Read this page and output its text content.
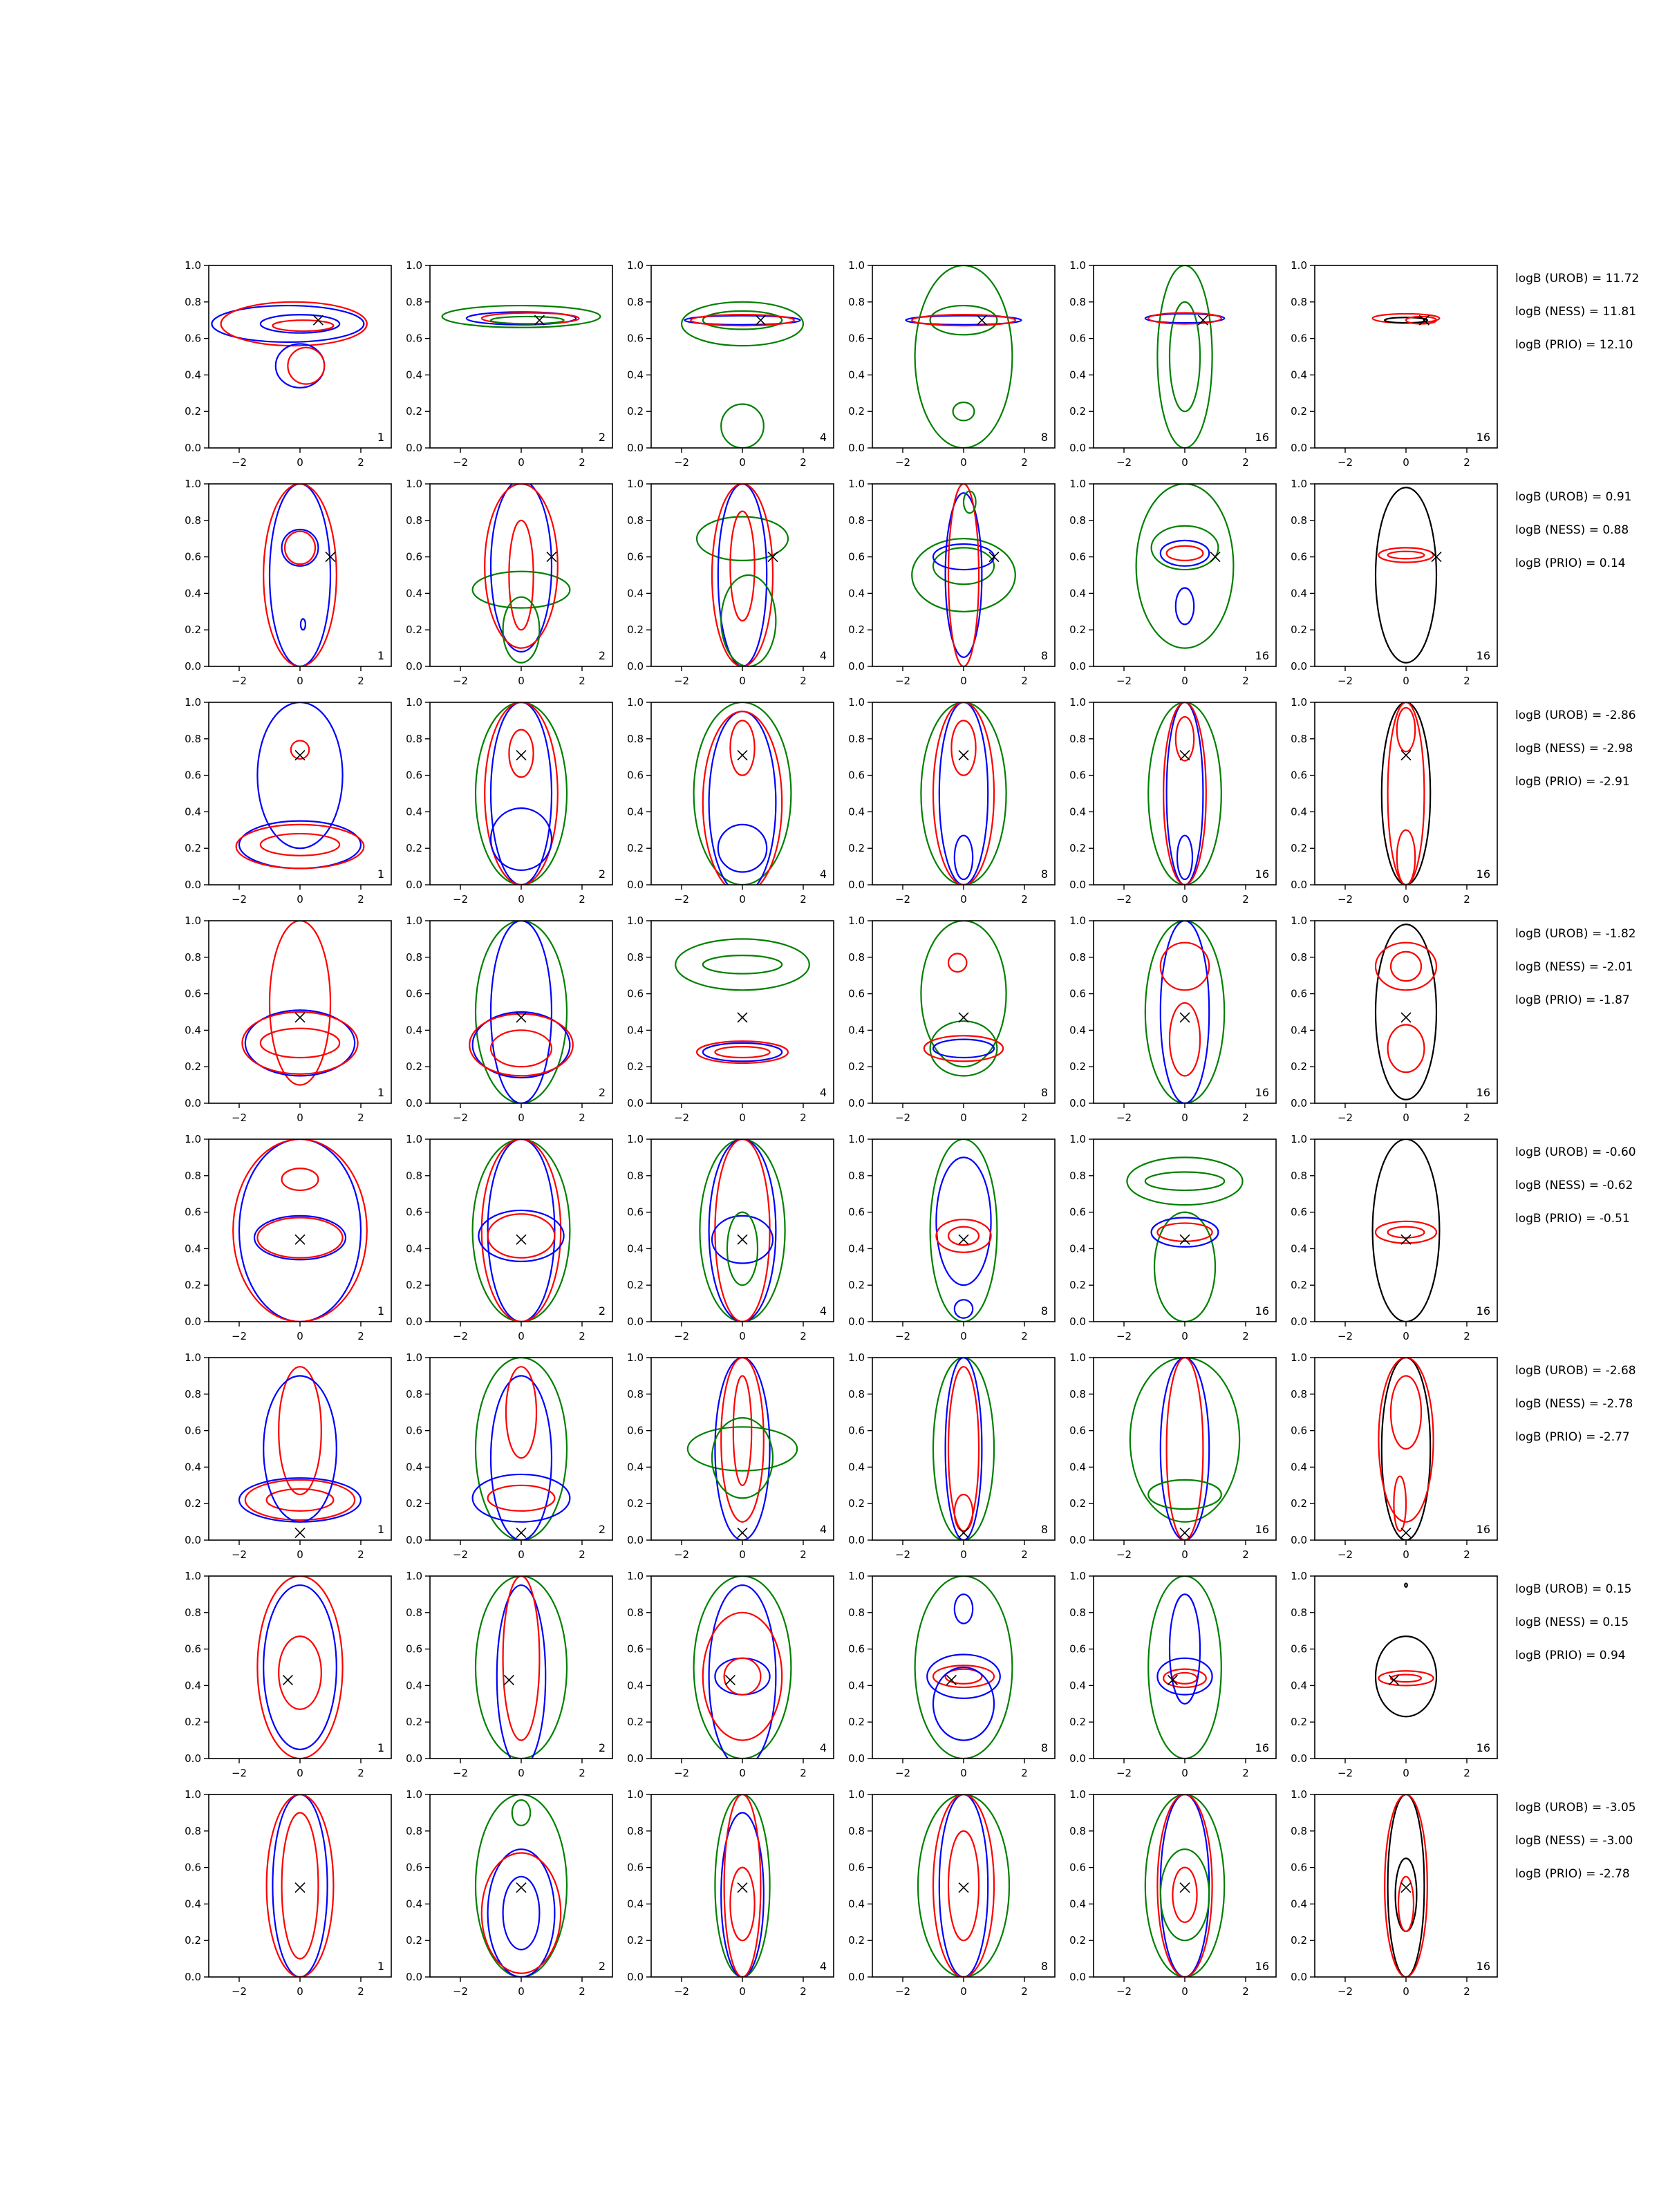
−2	0	2
0.0
0.2
0.4
0.6
0.8
1.0
1
−2	0	2
0.0
0.2
0.4
0.6
0.8
1.0
2
−2	0	2
0.0
0.2
0.4
0.6
0.8
1.0
4
−2	0	2
0.0
0.2
0.4
0.6
0.8
1.0
8
−2	0	2
0.0
0.2
0.4
0.6
0.8
1.0
16
−2	0	2
0.0
0.2
0.4
0.6
0.8
1.0
16
logB (UROB) = 11.72
logB (NESS) = 11.81
logB (PRIO) = 12.10
−2	0	2
0.0
0.2
0.4
0.6
0.8
1.0
1
−2	0	2
0.0
0.2
0.4
0.6
0.8
1.0
2
−2	0	2
0.0
0.2
0.4
0.6
0.8
1.0
4
−2	0	2
0.0
0.2
0.4
0.6
0.8
1.0
8
−2	0	2
0.0
0.2
0.4
0.6
0.8
1.0
16
−2	0	2
0.0
0.2
0.4
0.6
0.8
1.0
16
logB (UROB) = 0.91
logB (NESS) = 0.88
logB (PRIO) = 0.14
−2	0	2
0.0
0.2
0.4
0.6
0.8
1.0
1
−2	0	2
0.0
0.2
0.4
0.6
0.8
1.0
2
−2	0	2
0.0
0.2
0.4
0.6
0.8
1.0
4
−2	0	2
0.0
0.2
0.4
0.6
0.8
1.0
8
−2	0	2
0.0
0.2
0.4
0.6
0.8
1.0
16
−2	0	2
0.0
0.2
0.4
0.6
0.8
1.0
16
logB (UROB) = -2.86
logB (NESS) = -2.98
logB (PRIO) = -2.91
−2	0	2
0.0
0.2
0.4
0.6
0.8
1.0
1
−2	0	2
0.0
0.2
0.4
0.6
0.8
1.0
2
−2	0	2
0.0
0.2
0.4
0.6
0.8
1.0
4
−2	0	2
0.0
0.2
0.4
0.6
0.8
1.0
8
−2	0	2
0.0
0.2
0.4
0.6
0.8
1.0
16
−2	0	2
0.0
0.2
0.4
0.6
0.8
1.0
16
logB (UROB) = -1.82
logB (NESS) = -2.01
logB (PRIO) = -1.87
−2	0	2
0.0
0.2
0.4
0.6
0.8
1.0
1
−2	0	2
0.0
0.2
0.4
0.6
0.8
1.0
2
−2	0	2
0.0
0.2
0.4
0.6
0.8
1.0
4
−2	0	2
0.0
0.2
0.4
0.6
0.8
1.0
8
−2	0	2
0.0
0.2
0.4
0.6
0.8
1.0
16
−2	0	2
0.0
0.2
0.4
0.6
0.8
1.0
16
logB (UROB) = -0.60
logB (NESS) = -0.62
logB (PRIO) = -0.51
−2	0	2
0.0
0.2
0.4
0.6
0.8
1.0
1
−2	0	2
0.0
0.2
0.4
0.6
0.8
1.0
2
−2	0	2
0.0
0.2
0.4
0.6
0.8
1.0
4
−2	0	2
0.0
0.2
0.4
0.6
0.8
1.0
8
−2	0	2
0.0
0.2
0.4
0.6
0.8
1.0
16
−2	0	2
0.0
0.2
0.4
0.6
0.8
1.0
16
logB (UROB) = -2.68
logB (NESS) = -2.78
logB (PRIO) = -2.77
−2	0	2
0.0
0.2
0.4
0.6
0.8
1.0
1
−2	0	2
0.0
0.2
0.4
0.6
0.8
1.0
2
−2	0	2
0.0
0.2
0.4
0.6
0.8
1.0
4
−2	0	2
0.0
0.2
0.4
0.6
0.8
1.0
8
−2	0	2
0.0
0.2
0.4
0.6
0.8
1.0
16
−2	0	2
0.0
0.2
0.4
0.6
0.8
1.0
16
logB (UROB) = 0.15
logB (NESS) = 0.15
logB (PRIO) = 0.94
−2	0	2
0.0
0.2
0.4
0.6
0.8
1.0
1
−2	0	2
0.0
0.2
0.4
0.6
0.8
1.0
2
−2	0	2
0.0
0.2
0.4
0.6
0.8
1.0
4
−2	0	2
0.0
0.2
0.4
0.6
0.8
1.0
8
−2	0	2
0.0
0.2
0.4
0.6
0.8
1.0
16
−2	0	2
0.0
0.2
0.4
0.6
0.8
1.0
16
logB (UROB) = -3.05
logB (NESS) = -3.00
logB (PRIO) = -2.78
